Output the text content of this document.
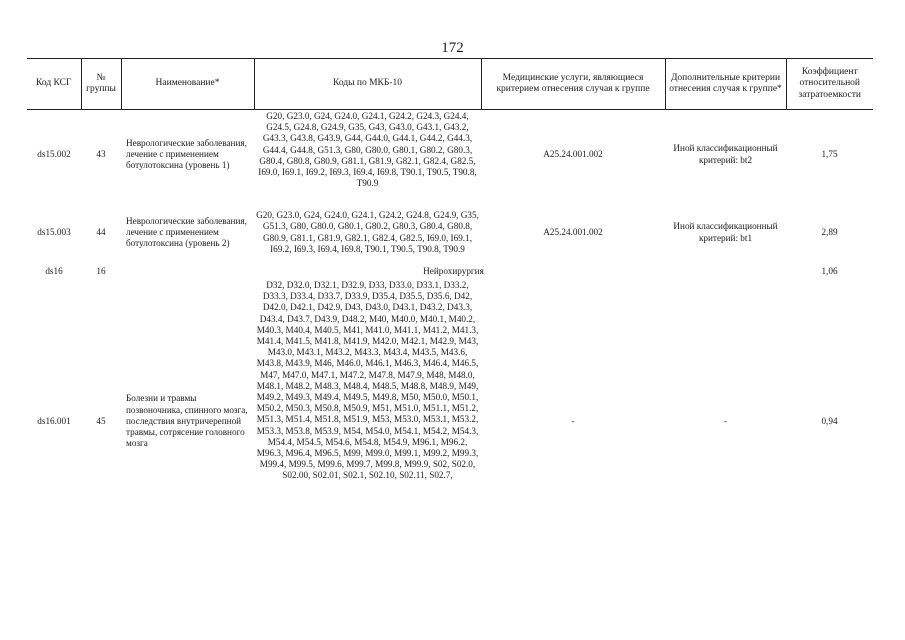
172
Код КСГ	№ группы	Наименование*	Коды по МКБ-10	Медицинские услуги, являющиеся критерием отнесения случая к группе	Дополнительные критерии отнесения случая к группе*	Коэффициент относительной затратоемкости
ds15.002	43	Неврологические заболевания, лечение с применением ботулотоксина (уровень 1)	G20, G23.0, G24, G24.0, G24.1, G24.2, G24.3, G24.4, G24.5, G24.8, G24.9, G35, G43, G43.0, G43.1, G43.2, G43.3, G43.8, G43.9, G44, G44.0, G44.1, G44.2, G44.3, G44.4, G44.8, G51.3, G80, G80.0, G80.1, G80.2, G80.3, G80.4, G80.8, G80.9, G81.1, G81.9, G82.1, G82.4, G82.5, I69.0, I69.1, I69.2, I69.3, I69.4, I69.8, T90.1, T90.5, T90.8, T90.9	A25.24.001.002	Иной классификационный критерий: bt2	1,75
ds15.003	44	Неврологические заболевания, лечение с применением ботулотоксина (уровень 2)	G20, G23.0, G24, G24.0, G24.1, G24.2, G24.8, G24.9, G35, G51.3, G80, G80.0, G80.1, G80.2, G80.3, G80.4, G80.8, G80.9, G81.1, G81.9, G82.1, G82.4, G82.5, I69.0, I69.1, I69.2, I69.3, I69.4, I69.8, T90.1, T90.5, T90.8, T90.9	A25.24.001.002	Иной классификационный критерий: bt1	2,89
ds16	16	Нейрохирургия				1,06
ds16.001	45	Болезни и травмы позвоночника, спинного мозга, последствия внутричерепной травмы, сотрясение головного мозга	D32, D32.0, D32.1, D32.9, D33, D33.0, D33.1, D33.2, D33.3, D33.4, D33.7, D33.9, D35.4, D35.5, D35.6, D42, D42.0, D42.1, D42.9, D43, D43.0, D43.1, D43.2, D43.3, D43.4, D43.7, D43.9, D48.2, M40, M40.0, M40.1, M40.2, M40.3, M40.4, M40.5, M41, M41.0, M41.1, M41.2, M41.3, M41.4, M41.5, M41.8, M41.9, M42.0, M42.1, M42.9, M43, M43.0, M43.1, M43.2, M43.3, M43.4, M43.5, M43.6, M43.8, M43.9, M46, M46.0, M46.1, M46.3, M46.4, M46.5, M47, M47.0, M47.1, M47.2, M47.8, M47.9, M48, M48.0, M48.1, M48.2, M48.3, M48.4, M48.5, M48.8, M48.9, M49, M49.2, M49.3, M49.4, M49.5, M49.8, M50, M50.0, M50.1, M50.2, M50.3, M50.8, M50.9, M51, M51.0, M51.1, M51.2, M51.3, M51.4, M51.8, M51.9, M53, M53.0, M53.1, M53.2, M53.3, M53.8, M53.9, M54, M54.0, M54.1, M54.2, M54.3, M54.4, M54.5, M54.6, M54.8, M54.9, M96.1, M96.2, M96.3, M96.4, M96.5, M99, M99.0, M99.1, M99.2, M99.3, M99.4, M99.5, M99.6, M99.7, M99.8, M99.9, S02, S02.0, S02.00, S02.01, S02.1, S02.10, S02.11, S02.7,	-	-	0,94
